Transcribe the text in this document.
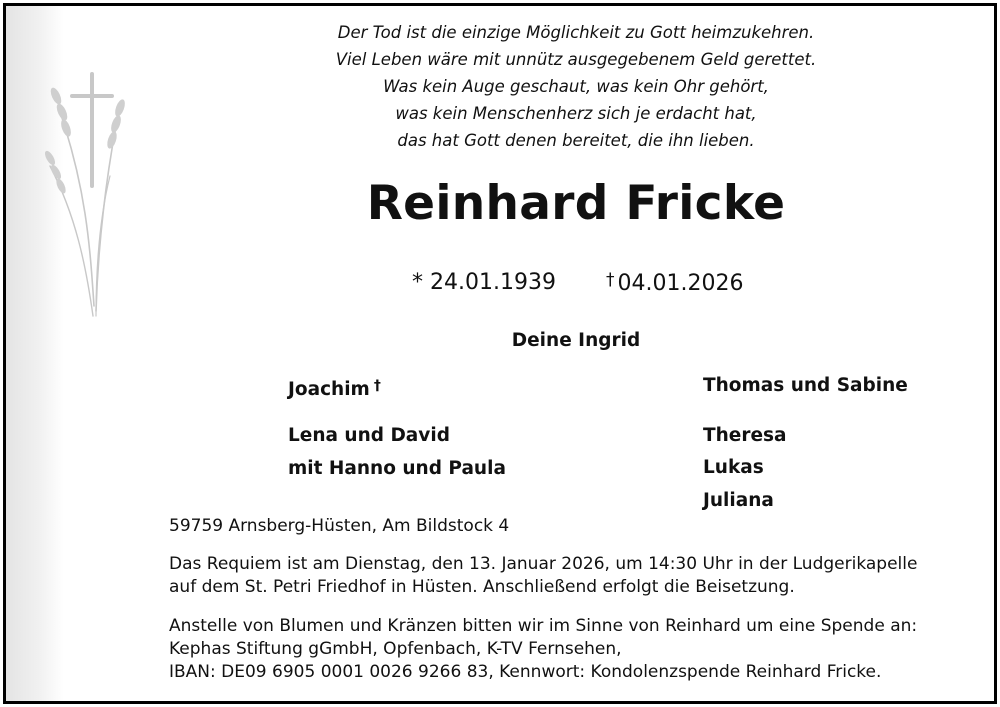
Der Tod ist die einzige Möglichkeit zu Gott heimzukehren.
Viel Leben wäre mit unnütz ausgegebenem Geld gerettet.
Was kein Auge geschaut, was kein Ohr gehört,
was kein Menschenherz sich je erdacht hat,
das hat Gott denen bereitet, die ihn lieben.
Reinhard Fricke
* 24.01.1939	† 04.01.2026
Deine Ingrid
Joachim †
Lena und David
mit Hanno und Paula
Thomas und Sabine
Theresa
Lukas
Juliana
59759 Arnsberg-Hüsten, Am Bildstock 4
Das Requiem ist am Dienstag, den 13. Januar 2026, um 14:30 Uhr in der Ludgerikapelle
auf dem St. Petri Friedhof in Hüsten. Anschließend erfolgt die Beisetzung.
Anstelle von Blumen und Kränzen bitten wir im Sinne von Reinhard um eine Spende an:
Kephas Stiftung gGmbH, Opfenbach, K-TV Fernsehen,
IBAN: DE09 6905 0001 0026 9266 83, Kennwort: Kondolenzspende Reinhard Fricke.
